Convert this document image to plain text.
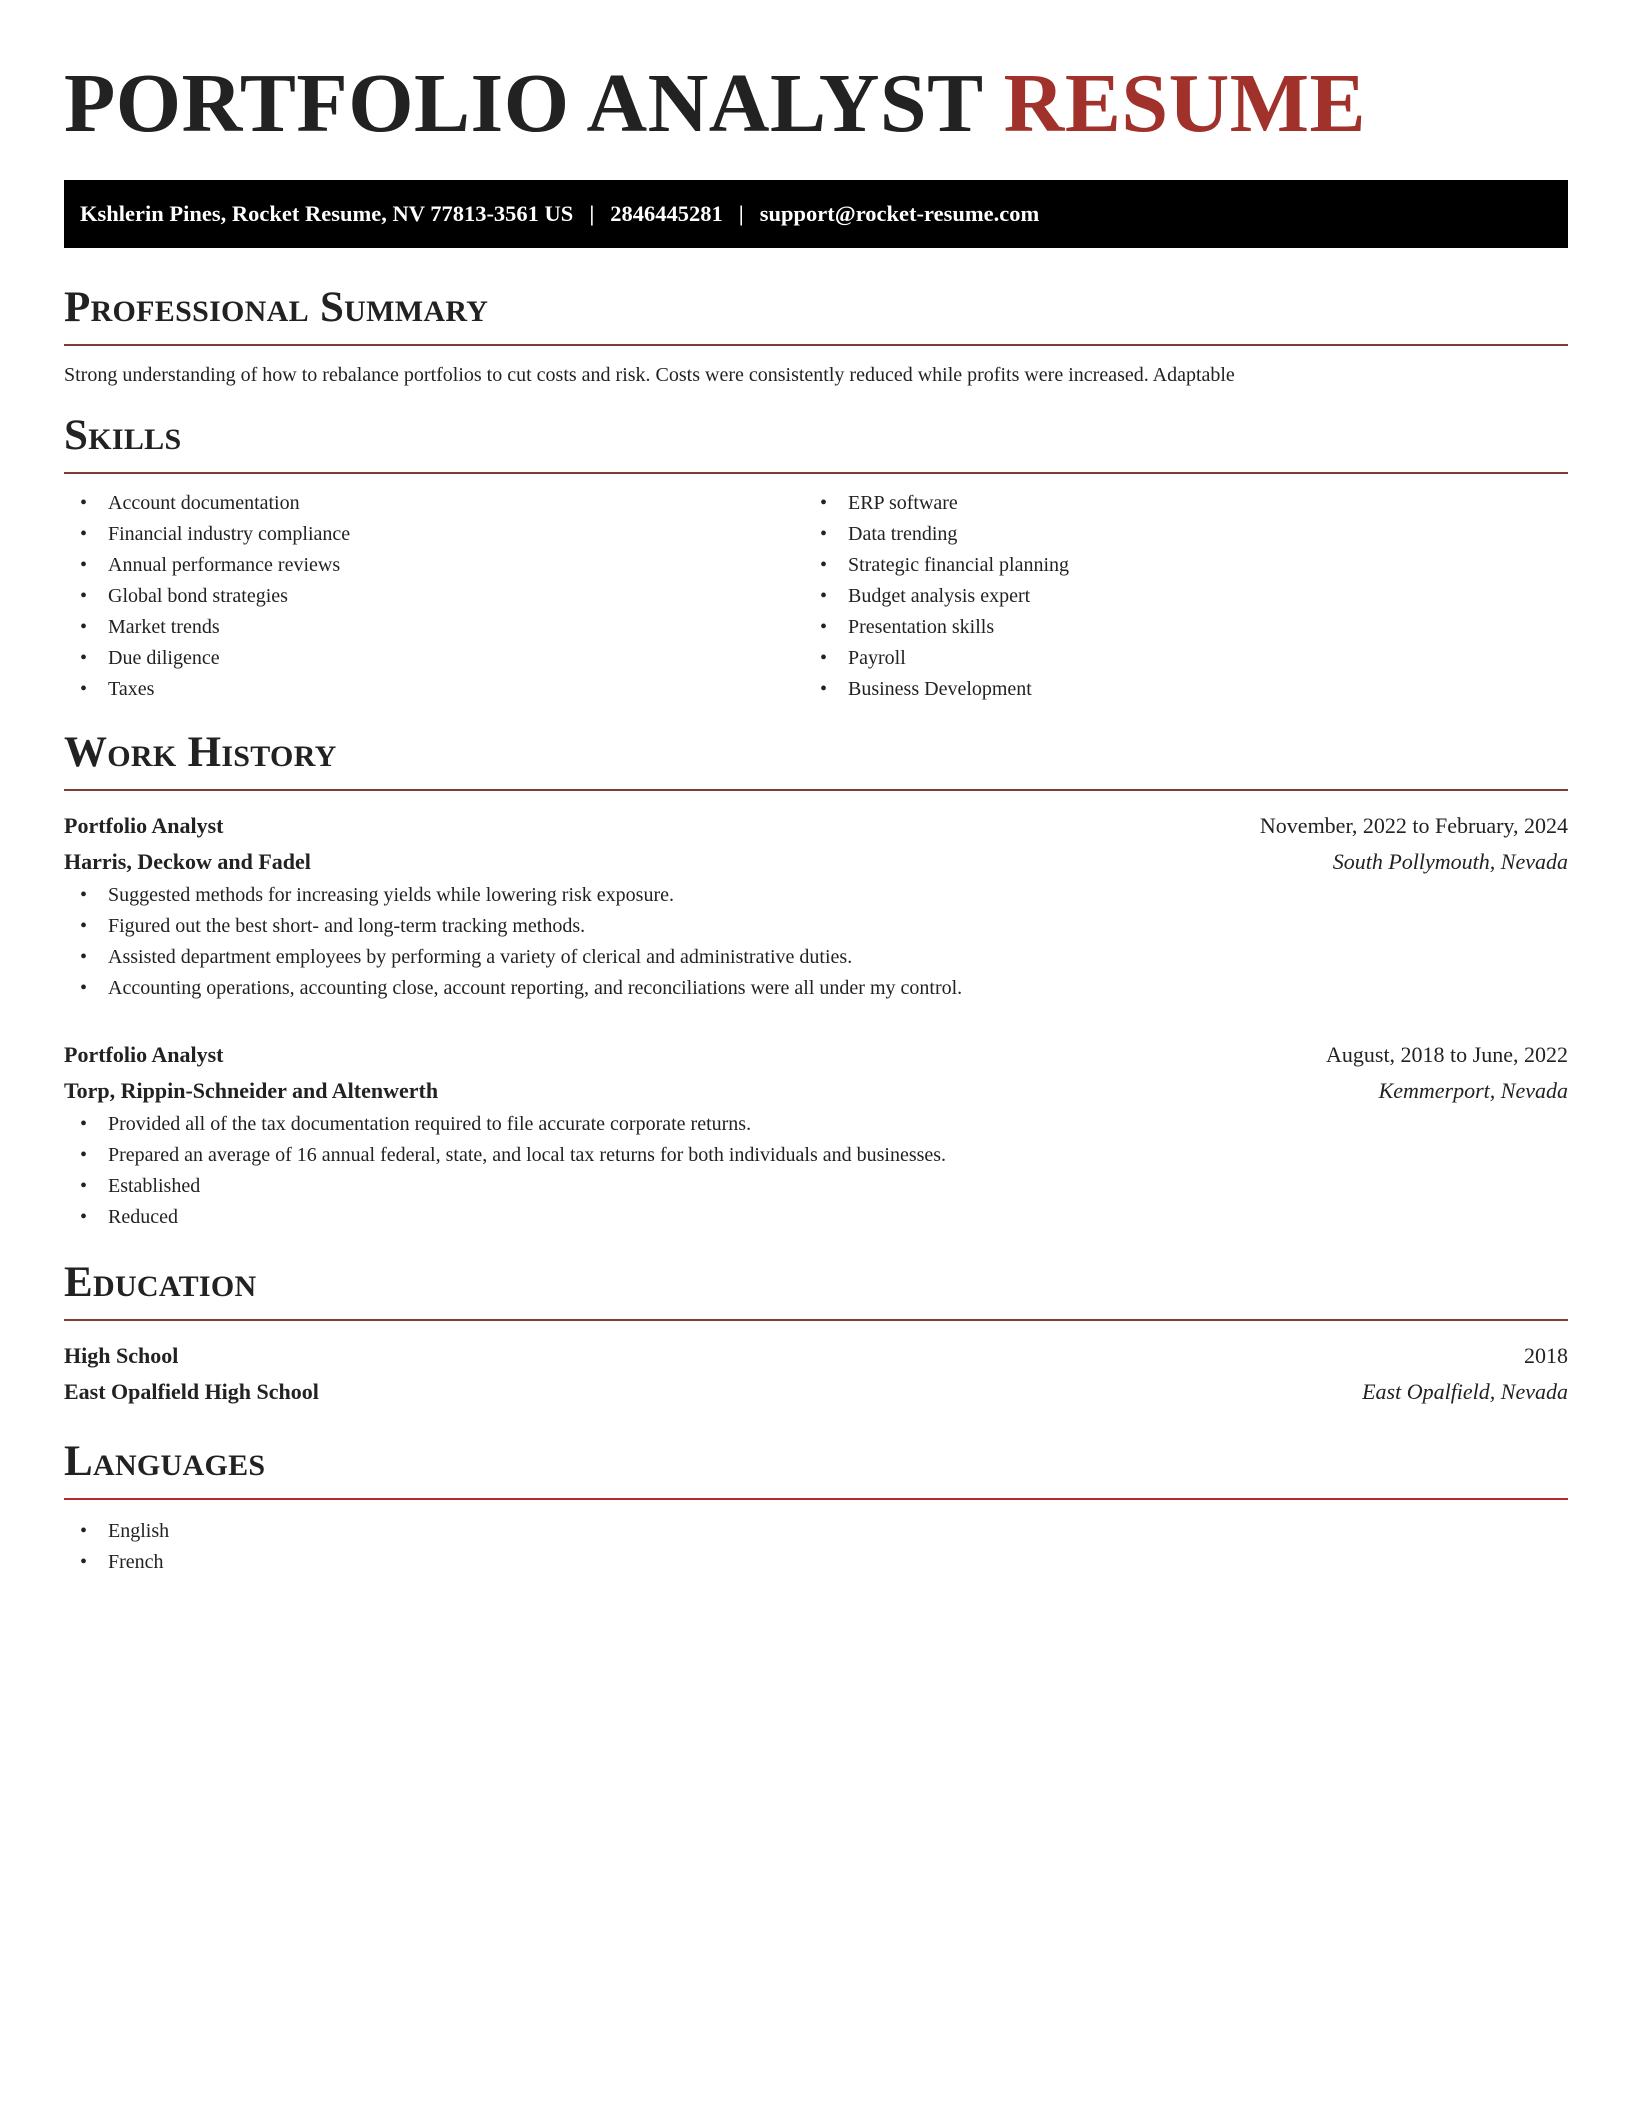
PORTFOLIO ANALYST RESUME
Kshlerin Pines, Rocket Resume, NV 77813-3561 US | 2846445281 | support@rocket-resume.com
Professional Summary

Strong understanding of how to rebalance portfolios to cut costs and risk. Costs were consistently reduced while profits were increased. Adaptable

Skills
• Account documentation
• Financial industry compliance
• Annual performance reviews
• Global bond strategies
• Market trends
• Due diligence
• Taxes
• ERP software
• Data trending
• Strategic financial planning
• Budget analysis expert
• Presentation skills
• Payroll
• Business Development
Work History
Portfolio Analyst	November, 2022 to February, 2024
Harris, Deckow and Fadel	South Pollymouth, Nevada
• Suggested methods for increasing yields while lowering risk exposure.
• Figured out the best short- and long-term tracking methods.
• Assisted department employees by performing a variety of clerical and administrative duties.
• Accounting operations, accounting close, account reporting, and reconciliations were all under my control.
Portfolio Analyst	August, 2018 to June, 2022
Torp, Rippin-Schneider and Altenwerth	Kemmerport, Nevada
• Provided all of the tax documentation required to file accurate corporate returns.
• Prepared an average of 16 annual federal, state, and local tax returns for both individuals and businesses.
• Established
• Reduced
Education
High School	2018
East Opalfield High School	East Opalfield, Nevada
Languages
• English
• French
